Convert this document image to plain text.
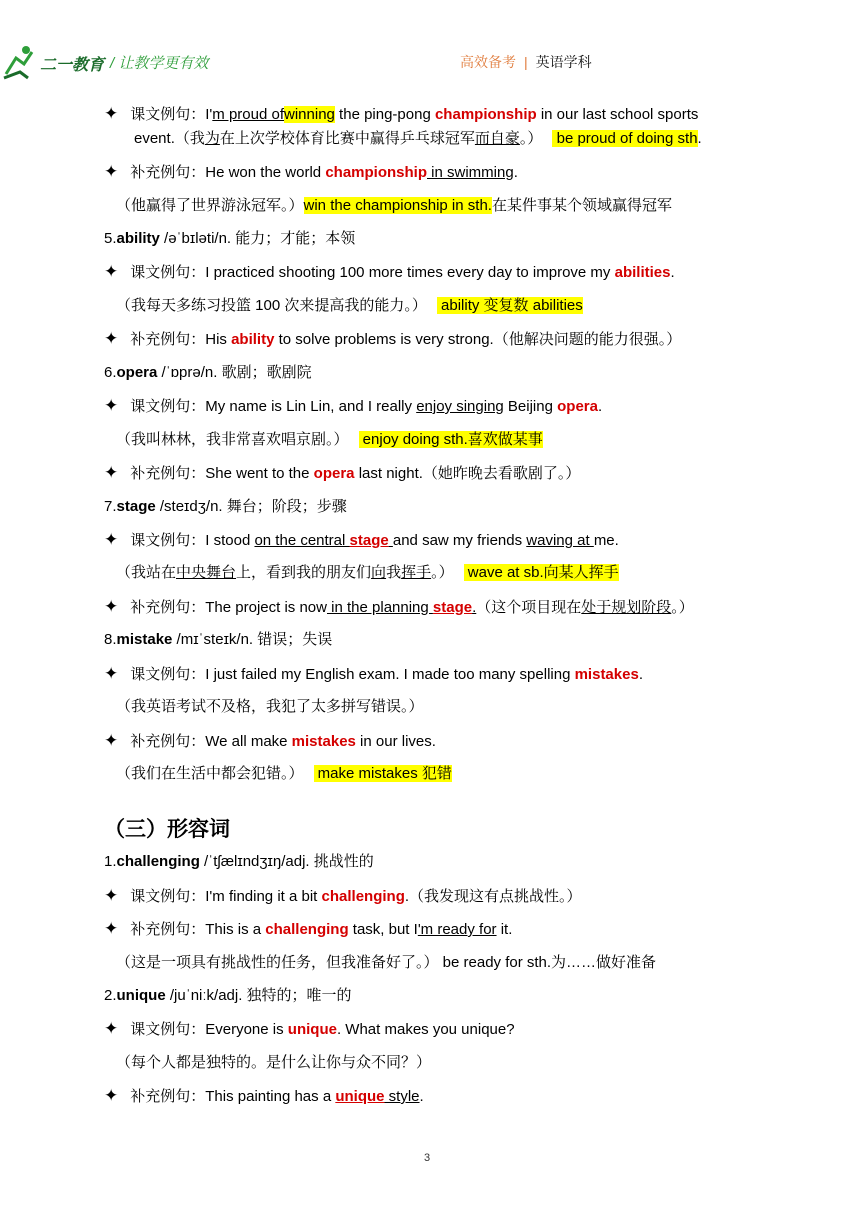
二一教育 / 让教学更有效	高效备考 | 英语学科
✦ 课文例句：I'm proud ofwinning the ping-pong championship in our last school sports
event.（我为在上次学校体育比赛中赢得乒乓球冠军而自豪。） be proud of doing sth.
✦ 补充例句：He won the world championship in swimming.
（他赢得了世界游泳冠军。）win the championship in sth.在某件事某个领域赢得冠军
5.ability /əˈbɪləti/n. 能力；才能；本领
✦ 课文例句：I practiced shooting 100 more times every day to improve my abilities.
（我每天多练习投篮 100 次来提高我的能力。） ability 变复数 abilities
✦ 补充例句：His ability to solve problems is very strong.（他解决问题的能力很强。）
6.opera /ˈɒprə/n. 歌剧；歌剧院
✦ 课文例句：My name is Lin Lin, and I really enjoy singing Beijing opera.
（我叫林林，我非常喜欢唱京剧。） enjoy doing sth.喜欢做某事
✦ 补充例句：She went to the opera last night.（她昨晚去看歌剧了。）
7.stage /steɪdʒ/n. 舞台；阶段；步骤
✦ 课文例句：I stood on the central stage and saw my friends waving at me.
（我站在中央舞台上，看到我的朋友们向我挥手。） wave at sb.向某人挥手
✦ 补充例句：The project is now in the planning stage.（这个项目现在处于规划阶段。）
8.mistake /mɪˈsteɪk/n. 错误；失误
✦ 课文例句：I just failed my English exam. I made too many spelling mistakes.
（我英语考试不及格，我犯了太多拼写错误。）
✦ 补充例句：We all make mistakes in our lives.
（我们在生活中都会犯错。） make mistakes 犯错
（三）形容词
1.challenging /ˈtʃælɪndʒɪŋ/adj. 挑战性的
✦ 课文例句：I'm finding it a bit challenging.（我发现这有点挑战性。）
✦ 补充例句：This is a challenging task, but I'm ready for it.
（这是一项具有挑战性的任务，但我准备好了。） be ready for sth.为……做好准备
2.unique /juˈniːk/adj. 独特的；唯一的
✦ 课文例句：Everyone is unique. What makes you unique?
（每个人都是独特的。是什么让你与众不同？）
✦ 补充例句：This painting has a unique style.
3
